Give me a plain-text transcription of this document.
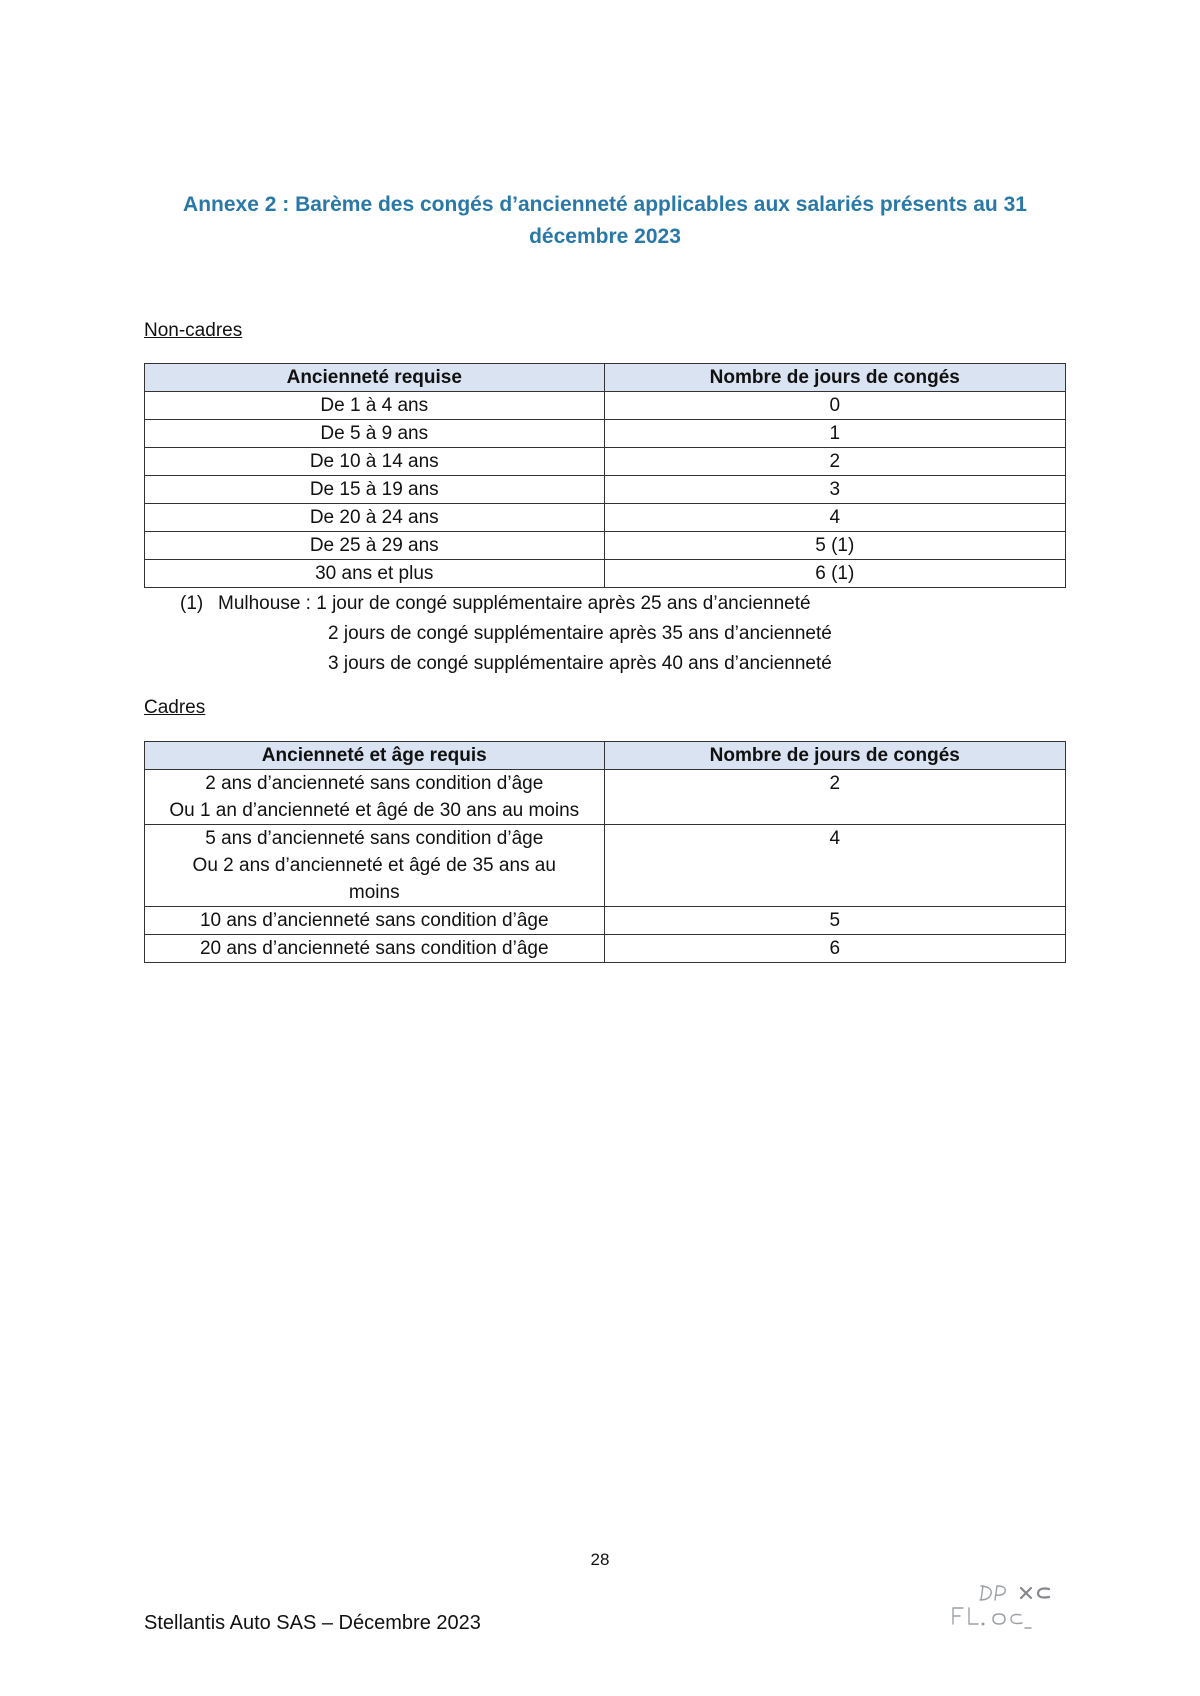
Annexe 2 : Barème des congés d’ancienneté applicables aux salariés présents au 31 décembre 2023
Non-cadres
Ancienneté requise	Nombre de jours de congés
De 1 à 4 ans	0
De 5 à 9 ans	1
De 10 à 14 ans	2
De 15 à 19 ans	3
De 20 à 24 ans	4
De 25 à 29 ans	5 (1)
30 ans et plus	6 (1)
(1) Mulhouse : 1 jour de congé supplémentaire après 25 ans d’ancienneté
2 jours de congé supplémentaire après 35 ans d’ancienneté
3 jours de congé supplémentaire après 40 ans d’ancienneté
Cadres
Ancienneté et âge requis	Nombre de jours de congés

2 ans d’ancienneté sans condition d’âge
Ou 1 an d’ancienneté et âgé de 30 ans au moins	2

5 ans d’ancienneté sans condition d’âge
Ou 2 ans d’ancienneté et âgé de 35 ans au
moins	4

10 ans d’ancienneté sans condition d’âge	5

20 ans d’ancienneté sans condition d’âge	6
28
Stellantis Auto SAS – Décembre 2023
